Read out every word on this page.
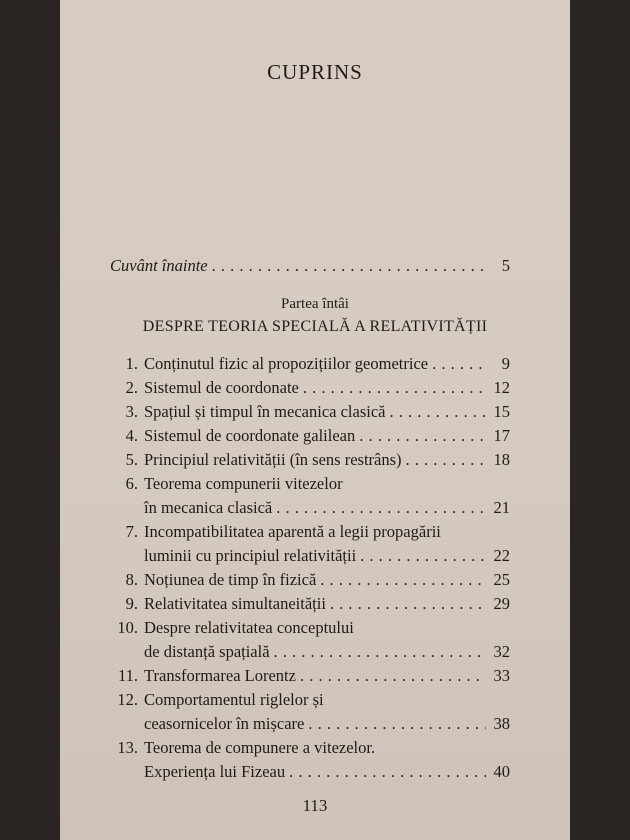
CUPRINS
Cuvânt înainte . . .	5
Partea întâi
DESPRE TEORIA SPECIALĂ A RELATIVITĂȚII
1. Conținutul fizic al propozițiilor geometrice . . .	9
2. Sistemul de coordonate . . .	12
3. Spațiul și timpul în mecanica clasică . . .	15
4. Sistemul de coordonate galilean . . .	17
5. Principiul relativității (în sens restrâns) . . .	18
6. Teorema compunerii vitezelor
în mecanica clasică . . .	21
7. Incompatibilitatea aparentă a legii propagării
luminii cu principiul relativității . . .	22
8. Noțiunea de timp în fizică . . .	25
9. Relativitatea simultaneității . . .	29
10. Despre relativitatea conceptului
de distanță spațială . . .	32
11. Transformarea Lorentz . . .	33
12. Comportamentul riglelor și
ceasornicelor în mișcare . . .	38
13. Teorema de compunere a vitezelor.
Experiența lui Fizeau . . .	40
113
